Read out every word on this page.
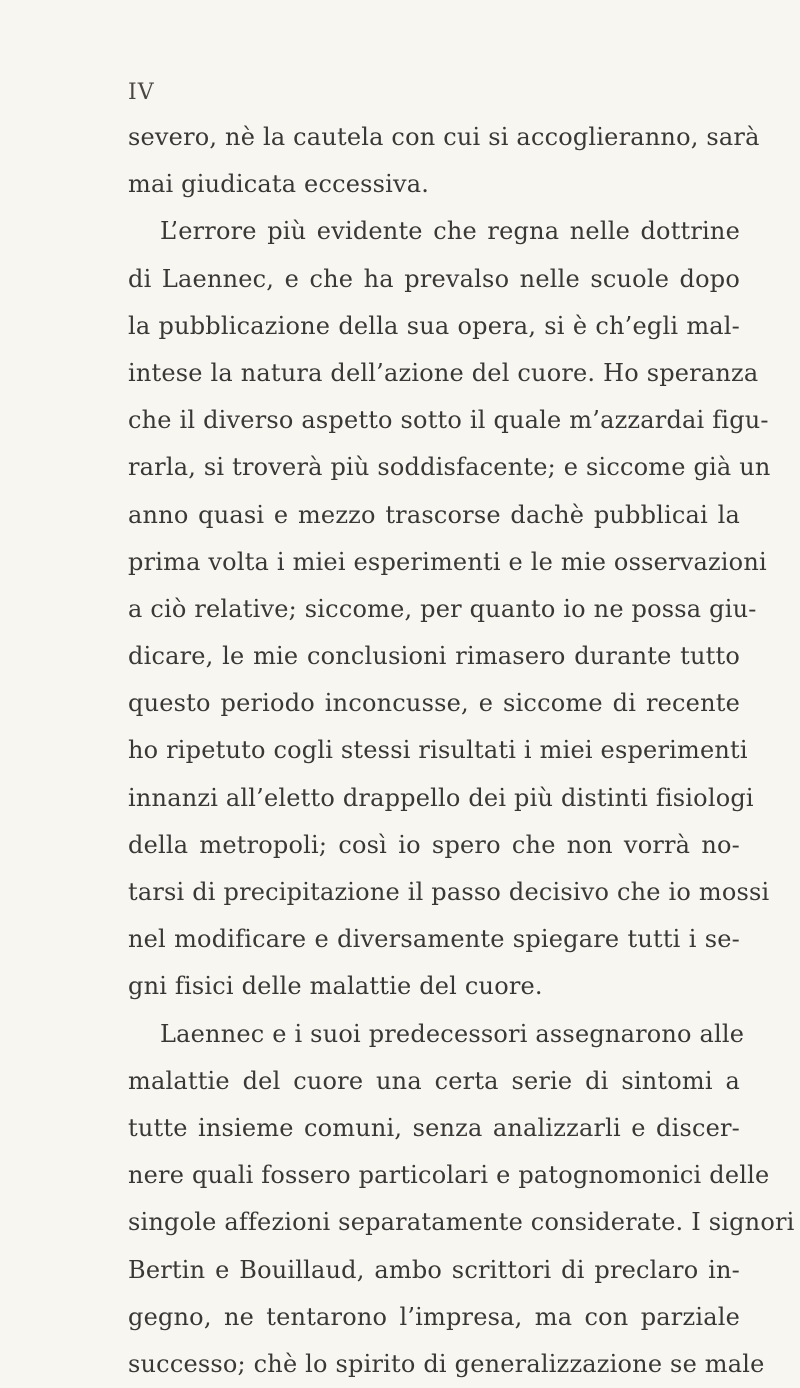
IV
severo, nè la cautela con cui si accoglieranno, sarà
mai giudicata eccessiva.
L’errore più evidente che regna nelle dottrine
di Laennec, e che ha prevalso nelle scuole dopo
la pubblicazione della sua opera, si è ch’egli mal-
intese la natura dell’azione del cuore. Ho speranza
che il diverso aspetto sotto il quale m’azzardai figu-
rarla, si troverà più soddisfacente; e siccome già un
anno quasi e mezzo trascorse dachè pubblicai la
prima volta i miei esperimenti e le mie osservazioni
a ciò relative; siccome, per quanto io ne possa giu-
dicare, le mie conclusioni rimasero durante tutto
questo periodo inconcusse, e siccome di recente
ho ripetuto cogli stessi risultati i miei esperimenti
innanzi all’eletto drappello dei più distinti fisiologi
della metropoli; così io spero che non vorrà no-
tarsi di precipitazione il passo decisivo che io mossi
nel modificare e diversamente spiegare tutti i se-
gni fisici delle malattie del cuore.
Laennec e i suoi predecessori assegnarono alle
malattie del cuore una certa serie di sintomi a
tutte insieme comuni, senza analizzarli e discer-
nere quali fossero particolari e patognomonici delle
singole affezioni separatamente considerate. I signori
Bertin e Bouillaud, ambo scrittori di preclaro in-
gegno, ne tentarono l’impresa, ma con parziale
successo; chè lo spirito di generalizzazione se male
